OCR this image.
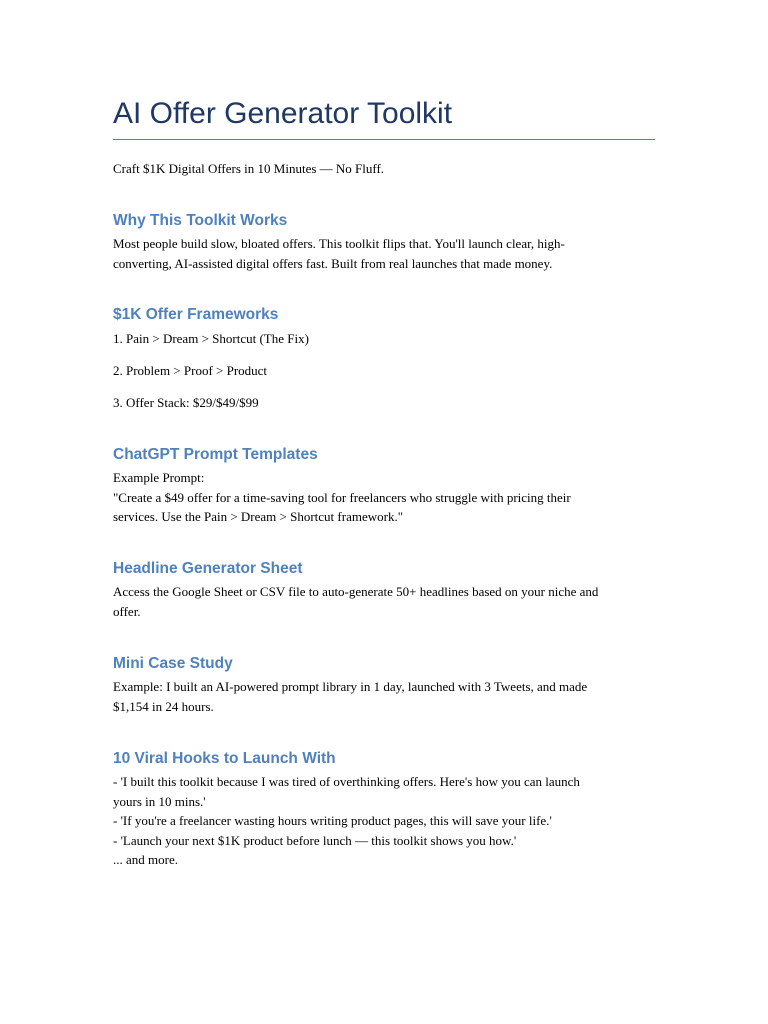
AI Offer Generator Toolkit

Craft $1K Digital Offers in 10 Minutes — No Fluff.

Why This Toolkit Works
Most people build slow, bloated offers. This toolkit flips that. You'll launch clear, high-
converting, AI-assisted digital offers fast. Built from real launches that made money.
$1K Offer Frameworks

1. Pain > Dream > Shortcut (The Fix)

2. Problem > Proof > Product

3. Offer Stack: $29/$49/$99

ChatGPT Prompt Templates
Example Prompt:
"Create a $49 offer for a time-saving tool for freelancers who struggle with pricing their
services. Use the Pain > Dream > Shortcut framework."
Headline Generator Sheet
Access the Google Sheet or CSV file to auto-generate 50+ headlines based on your niche and
offer.
Mini Case Study
Example: I built an AI-powered prompt library in 1 day, launched with 3 Tweets, and made
$1,154 in 24 hours.
10 Viral Hooks to Launch With
- 'I built this toolkit because I was tired of overthinking offers. Here's how you can launch
yours in 10 mins.'
- 'If you're a freelancer wasting hours writing product pages, this will save your life.'
- 'Launch your next $1K product before lunch — this toolkit shows you how.'
... and more.
